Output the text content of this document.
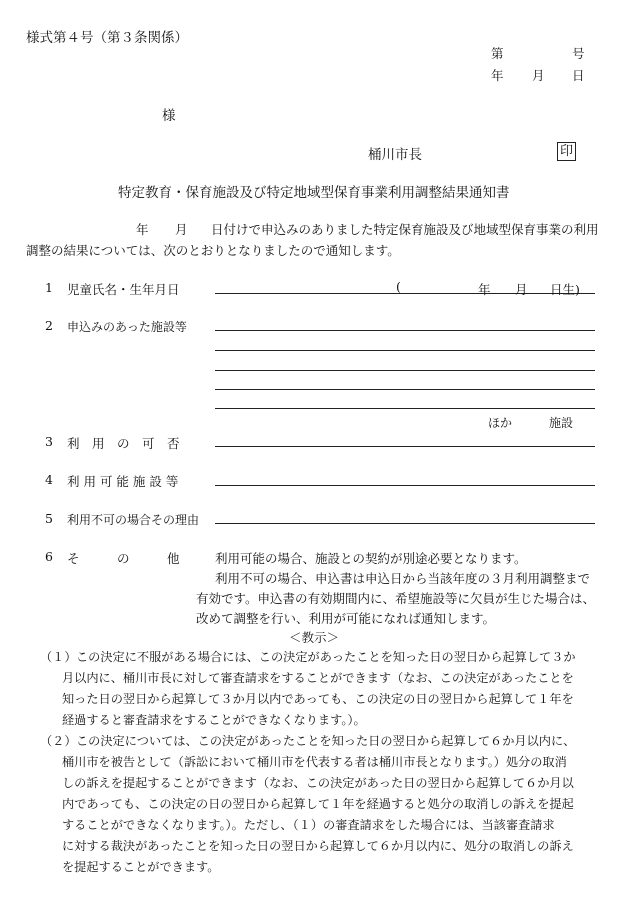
様式第４号（第３条関係）
第	号
年 月 日
様
桶川市長	印
特定教育・保育施設及び特定地域型保育事業利用調整結果通知書
年 月 日付けで申込みのありました特定保育施設及び地域型保育事業の利用
調整の結果については、次のとおりとなりましたので通知します。
1 児童氏名・生年月日	(	年 月 日生)
2 申込みのあった施設等
ほか	施設
3 利　用　の　可　否
4 利 用 可 能 施 設 等
5 利用不可の場合その理由
6 そ　　　の　　　他	利用可能の場合、施設との契約が別途必要となります。
利用不可の場合、申込書は申込日から当該年度の３月利用調整まで
有効です。申込書の有効期間内に、希望施設等に欠員が生じた場合は、
改めて調整を行い、利用が可能になれば通知します。
＜教示＞
（１） この決定に不服がある場合には、この決定があったことを知った日の翌日から起算して３か
月以内に、桶川市長に対して審査請求をすることができます（なお、この決定があったことを
知った日の翌日から起算して３か月以内であっても、この決定の日の翌日から起算して１年を
経過すると審査請求をすることができなくなります。）。
（２） この決定については、この決定があったことを知った日の翌日から起算して６か月以内に、
桶川市を被告として（訴訟において桶川市を代表する者は桶川市長となります。）処分の取消
しの訴えを提起することができます（なお、この決定があった日の翌日から起算して６か月以
内であっても、この決定の日の翌日から起算して１年を経過すると処分の取消しの訴えを提起
することができなくなります。）。ただし、（１）の審査請求をした場合には、当該審査請求
に対する裁決があったことを知った日の翌日から起算して６か月以内に、処分の取消しの訴え
を提起することができます。
